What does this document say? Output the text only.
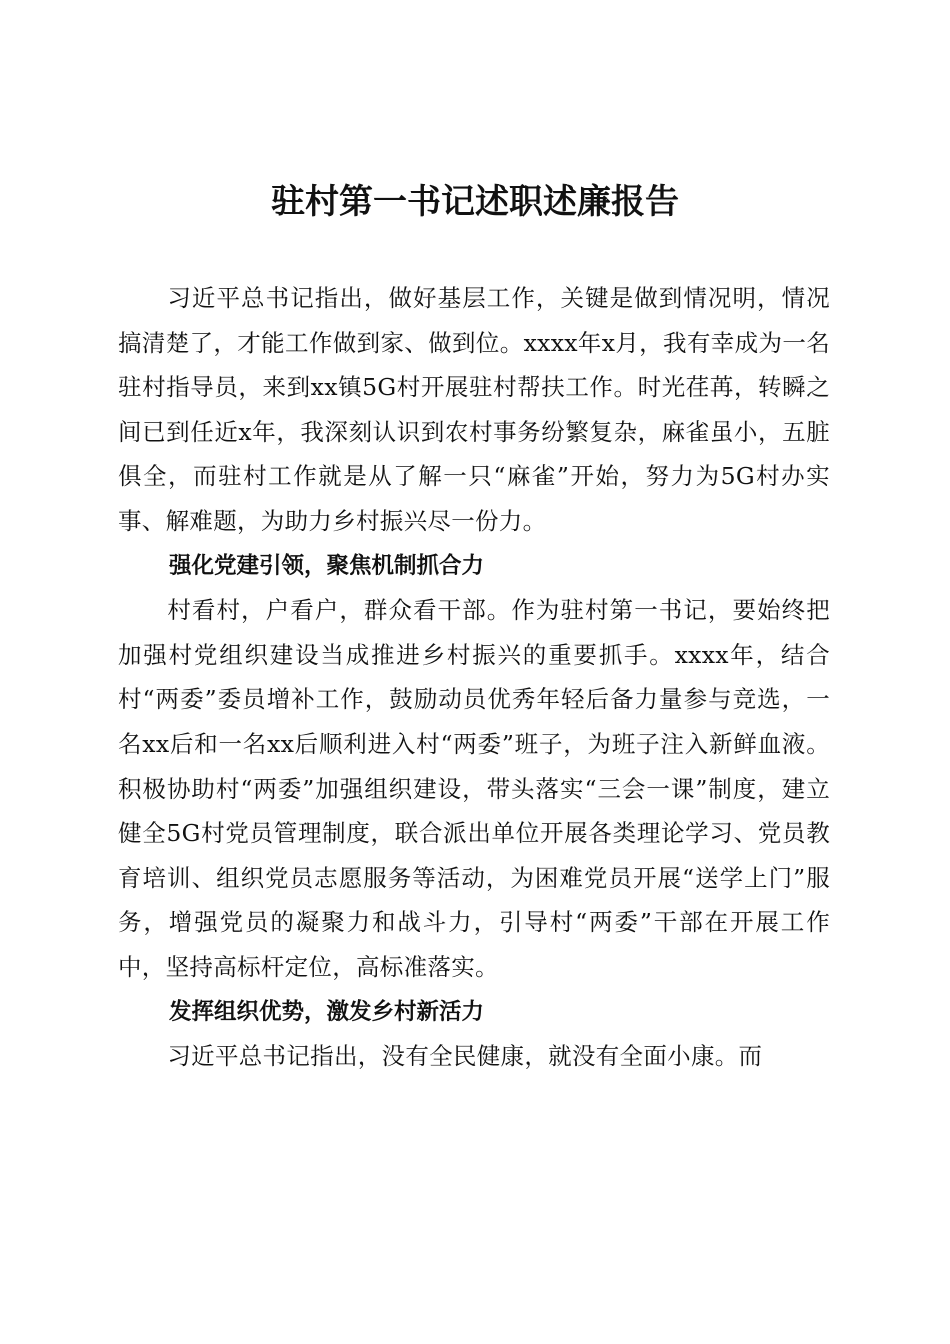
驻村第一书记述职述廉报告

习近平总书记指出，做好基层工作，关键是做到情况明，情况搞清楚了，才能工作做到家、做到位。xxxx年x月，我有幸成为一名驻村指导员，来到xx镇5G村开展驻村帮扶工作。时光荏苒，转瞬之间已到任近x年，我深刻认识到农村事务纷繁复杂，麻雀虽小，五脏俱全，而驻村工作就是从了解一只“麻雀”开始，努力为5G村办实事、解难题，为助力乡村振兴尽一份力。

强化党建引领，聚焦机制抓合力

村看村，户看户，群众看干部。作为驻村第一书记，要始终把加强村党组织建设当成推进乡村振兴的重要抓手。xxxx年，结合村“两委”委员增补工作，鼓励动员优秀年轻后备力量参与竞选，一名xx后和一名xx后顺利进入村“两委”班子，为班子注入新鲜血液。积极协助村“两委”加强组织建设，带头落实“三会一课”制度，建立健全5G村党员管理制度，联合派出单位开展各类理论学习、党员教育培训、组织党员志愿服务等活动，为困难党员开展“送学上门”服务，增强党员的凝聚力和战斗力，引导村“两委”干部在开展工作中，坚持高标杆定位，高标准落实。

发挥组织优势，激发乡村新活力

习近平总书记指出，没有全民健康，就没有全面小康。而
